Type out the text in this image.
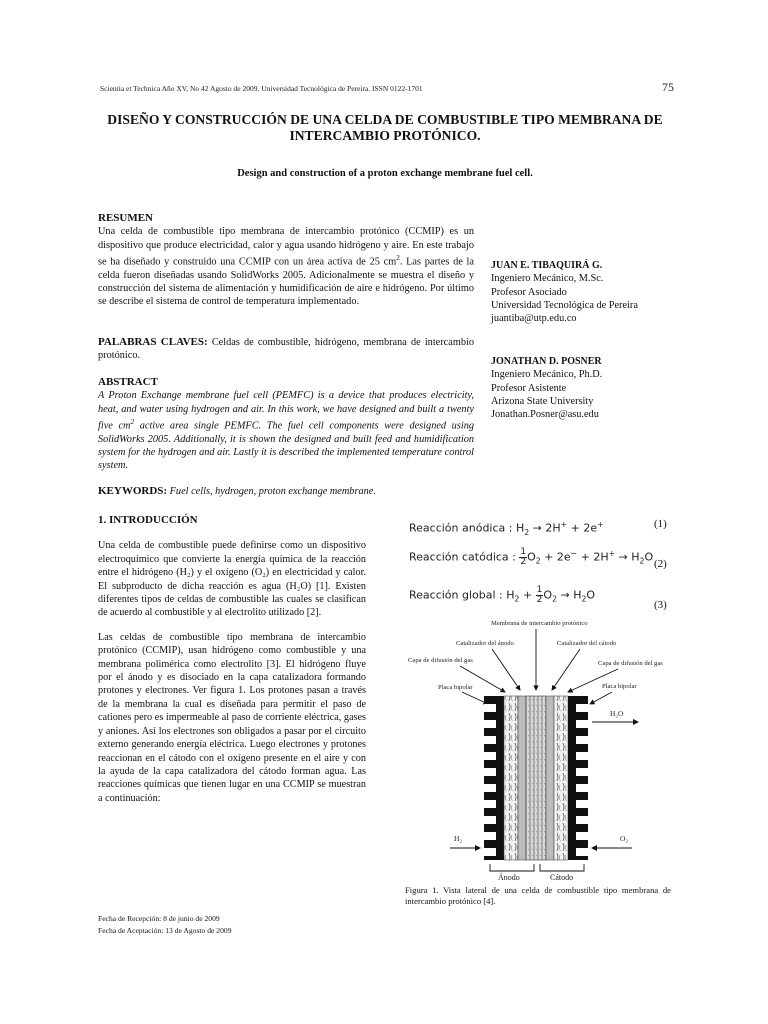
Scientia et Technica Año XV, No 42 Agosto de 2009. Universidad Tecnológica de Pereira. ISSN 0122-1701	75
DISEÑO Y CONSTRUCCIÓN DE UNA CELDA DE COMBUSTIBLE TIPO MEMBRANA DE INTERCAMBIO PROTÓNICO.
Design and construction of a proton exchange membrane fuel cell.
RESUMEN
Una celda de combustible tipo membrana de intercambio protónico (CCMIP) es un dispositivo que produce electricidad, calor y agua usando hidrógeno y aire. En este trabajo se ha diseñado y construido una CCMIP con un área activa de 25 $cm^2$. Las partes de la celda fueron diseñadas usando SolidWorks 2005. Adicionalmente se muestra el diseño y construcción del sistema de alimentación y humidificación de aire e hidrógeno. Por último se describe el sistema de control de temperatura implementado.
PALABRAS CLAVES: Celdas de combustible, hidrógeno, membrana de intercambio protónico.
ABSTRACT
A Proton Exchange membrane fuel cell (PEMFC) is a device that produces electricity, heat, and water using hydrogen and air. In this work, we have designed and built a twenty five $cm^2$ active area single PEMFC. The fuel cell components were designed using SolidWorks 2005. Additionally, it is shown the designed and built feed and humidification system for the hydrogen and air. Lastly it is described the implemented temperature control system.
KEYWORDS: Fuel cells, hydrogen, proton exchange membrane.
JUAN E. TIBAQUIRÁ G.
Ingeniero Mecánico, M.Sc.
Profesor Asociado
Universidad Tecnológica de Pereira
juantiba@utp.edu.co
JONATHAN D. POSNER
Ingeniero Mecánico, Ph.D.
Profesor Asistente
Arizona State University
Jonathan.Posner@asu.edu
1. INTRODUCCIÓN

Una celda de combustible puede definirse como un dispositivo electroquímico que convierte la energía química de la reacción entre el hidrógeno (H₂) y el oxígeno (O₂) en electricidad y calor. El subproducto de dicha reacción es agua (H₂O) [1]. Existen diferentes tipos de celdas de combustible las cuales se clasifican de acuerdo al combustible y al electrolito utilizado [2].

Las celdas de combustible tipo membrana de intercambio protónico (CCMIP), usan hidrógeno como combustible y una membrana polimérica como electrolito [3]. El hidrógeno fluye por el ánodo y es disociado en la capa catalizadora formando protones y electrones. Ver figura 1. Los protones pasan a través de la membrana la cual es diseñada para permitir el paso de cationes pero es impermeable al paso de corriente eléctrica, gases y aniones. Así los electrones son obligados a pasar por el circuito externo generando energía eléctrica. Luego electrones y protones reaccionan en el cátodo con el oxígeno presente en el aire y con la ayuda de la capa catalizadora del cátodo forman agua. Las reacciones químicas que tienen lugar en una CCMIP se muestran a continuación:

Reacción anódica : $H_2 \to 2H^+ + 2e^+$	(1)
Reacción catódica : $\frac{1}{2} O_2 + 2e^- + 2H^+ \to H_2O$
(2)
Reacción global : $H_2 + \frac{1}{2} O_2 \to H_2O$
(3)
Membrana de intercambio protónico
Catalizador del ánodo	Catalizador del cátodo
Capa de difusión del gas	Capa de difusión del gas
Placa bipolar	Placa bipolar
H₂O
H₂	O₂
Ánodo	Cátodo
Figura 1. Vista lateral de una celda de combustible tipo membrana de intercambio protónico [4].
Fecha de Recepción: 8 de junio de 2009
Fecha de Aceptación: 13 de Agosto de 2009
